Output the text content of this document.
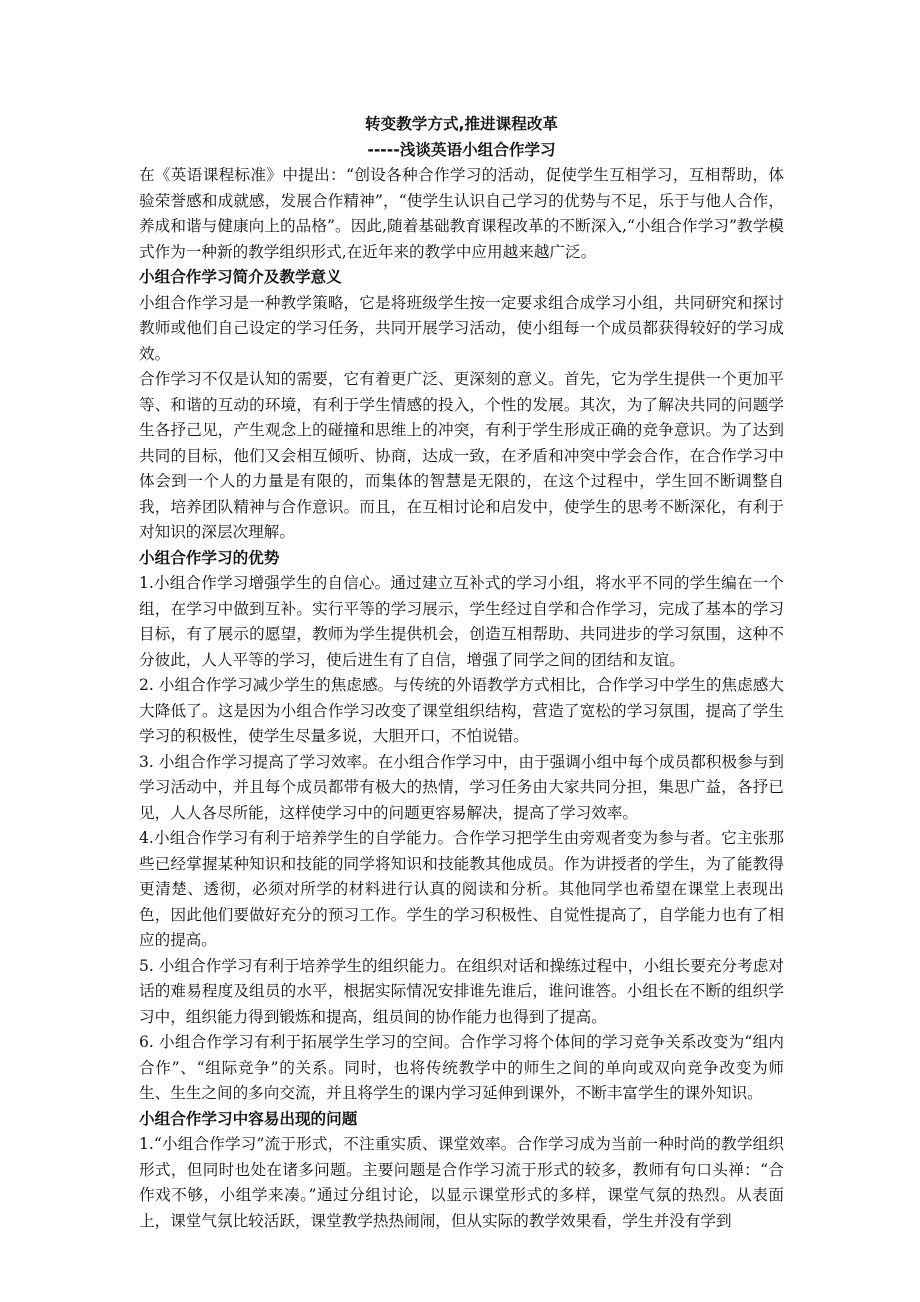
转变教学方式,推进课程改革

-----浅谈英语小组合作学习

在《英语课程标准》中提出：“创设各种合作学习的活动，促使学生互相学习，互相帮助，体验荣誉感和成就感，发展合作精神”，“使学生认识自己学习的优势与不足，乐于与他人合作，养成和谐与健康向上的品格”。因此,随着基础教育课程改革的不断深入,“小组合作学习”教学模式作为一种新的教学组织形式,在近年来的教学中应用越来越广泛。

小组合作学习简介及教学意义

小组合作学习是一种教学策略，它是将班级学生按一定要求组合成学习小组，共同研究和探讨教师或他们自己设定的学习任务，共同开展学习活动，使小组每一个成员都获得较好的学习成效。

合作学习不仅是认知的需要，它有着更广泛、更深刻的意义。首先，它为学生提供一个更加平等、和谐的互动的环境，有利于学生情感的投入，个性的发展。其次，为了解决共同的问题学生各抒己见，产生观念上的碰撞和思维上的冲突，有利于学生形成正确的竞争意识。为了达到共同的目标，他们又会相互倾听、协商，达成一致，在矛盾和冲突中学会合作，在合作学习中体会到一个人的力量是有限的，而集体的智慧是无限的，在这个过程中，学生回不断调整自我，培养团队精神与合作意识。而且，在互相讨论和启发中，使学生的思考不断深化，有利于对知识的深层次理解。

小组合作学习的优势

1.小组合作学习增强学生的自信心。通过建立互补式的学习小组，将水平不同的学生编在一个组，在学习中做到互补。实行平等的学习展示，学生经过自学和合作学习，完成了基本的学习目标，有了展示的愿望，教师为学生提供机会，创造互相帮助、共同进步的学习氛围，这种不分彼此，人人平等的学习，使后进生有了自信，增强了同学之间的团结和友谊。

2. 小组合作学习减少学生的焦虑感。与传统的外语教学方式相比，合作学习中学生的焦虑感大大降低了。这是因为小组合作学习改变了课堂组织结构，营造了宽松的学习氛围，提高了学生学习的积极性，使学生尽量多说，大胆开口，不怕说错。

3. 小组合作学习提高了学习效率。在小组合作学习中，由于强调小组中每个成员都积极参与到学习活动中，并且每个成员都带有极大的热情，学习任务由大家共同分担，集思广益，各抒已见，人人各尽所能，这样使学习中的问题更容易解决，提高了学习效率。

4.小组合作学习有利于培养学生的自学能力。合作学习把学生由旁观者变为参与者。它主张那些已经掌握某种知识和技能的同学将知识和技能教其他成员。作为讲授者的学生，为了能教得更清楚、透彻，必须对所学的材料进行认真的阅读和分析。其他同学也希望在课堂上表现出色，因此他们要做好充分的预习工作。学生的学习积极性、自觉性提高了，自学能力也有了相应的提高。

5. 小组合作学习有利于培养学生的组织能力。在组织对话和操练过程中，小组长要充分考虑对话的难易程度及组员的水平，根据实际情况安排谁先谁后，谁问谁答。小组长在不断的组织学习中，组织能力得到锻炼和提高，组员间的协作能力也得到了提高。

6. 小组合作学习有利于拓展学生学习的空间。合作学习将个体间的学习竞争关系改变为“组内合作”、“组际竞争”的关系。同时，也将传统教学中的师生之间的单向或双向竞争改变为师生、生生之间的多向交流，并且将学生的课内学习延伸到课外，不断丰富学生的课外知识。

小组合作学习中容易出现的问题

1.“小组合作学习”流于形式，不注重实质、课堂效率。合作学习成为当前一种时尚的教学组织形式，但同时也处在诸多问题。主要问题是合作学习流于形式的较多，教师有句口头禅：“合作戏不够，小组学来凑。”通过分组讨论，以显示课堂形式的多样，课堂气氛的热烈。从表面上，课堂气氛比较活跃，课堂教学热热闹闹，但从实际的教学效果看，学生并没有学到
